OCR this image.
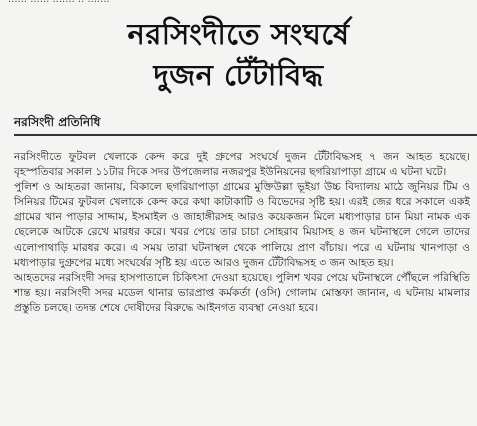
নরসিংদীতে সংঘর্ষে
দুজন টেঁটাবিদ্ধ
নরসিংদী প্রতিনিধি

নরসিংদীতে ফুটবল খেলাকে কেন্দ করে দুই গ্রুপের সংঘর্ষে দুজন টেঁটাবিদ্ধসহ ৭ জন আহত হয়েছে। বৃহস্পতিবার সকাল ১১টার দিকে সদর উপজেলার নজরপুর ইউনিয়নের ছগরিয়াপাড়া গ্রামে এ ঘটনা ঘটে।

পুলিশ ও আহতরা জানায়, বিকালে ছগরিয়াপাড়া গ্রামের মুক্তিউল্লা ভূইয়া উচ্চ বিদ্যালয় মাঠে জুনিয়র টিম ও সিনিয়র টিমের ফুটবল খেলাকে কেন্দ করে কথা কাটাকাটি ও বিভেদের সৃষ্টি হয়। এরই জের ধরে সকালে একই গ্রামের খান পাড়ার সাদ্দাম, ইসমাইল ও জাহাঙ্গীরসহ আরও কয়েকজন মিলে মধ্যপাড়ার চান মিয়া নামক এক ছেলেকে আটকে রেখে মারধর করে। খবর পেয়ে তার চাচা সোহরাব মিয়াসহ ৪ জন ঘটনাস্থলে গেলে তাদের এলোপাথাড়ি মারধর করে। এ সময় তারা ঘটনাস্থল থেকে পালিয়ে প্রাণ বাঁচায়। পরে এ ঘটনায় খানপাড়া ও মধ্যপাড়ার দুগ্রুপের মধ্যে সংঘর্ষের সৃষ্টি হয় এতে আরও দুজন টেঁটাবিদ্ধসহ ৩ জন আহত হয়।

আহতদের নরসিংদী সদর হাসপাতালে চিকিৎসা দেওয়া হয়েছে। পুলিশ খবর পেয়ে ঘটনাস্থলে পৌঁছলে পরিস্থিতি শান্ত হয়। নরসিংদী সদর মডেল থানার ভারপ্রাপ্ত কর্মকর্তা (ওসি) গোলাম মোস্তফা জানান, এ ঘটনায় মামলার প্রস্তুতি চলছে। তদন্ত শেষে দোষীদের বিরুদ্ধে আইনগত ব্যবস্থা নেওয়া হবে।
